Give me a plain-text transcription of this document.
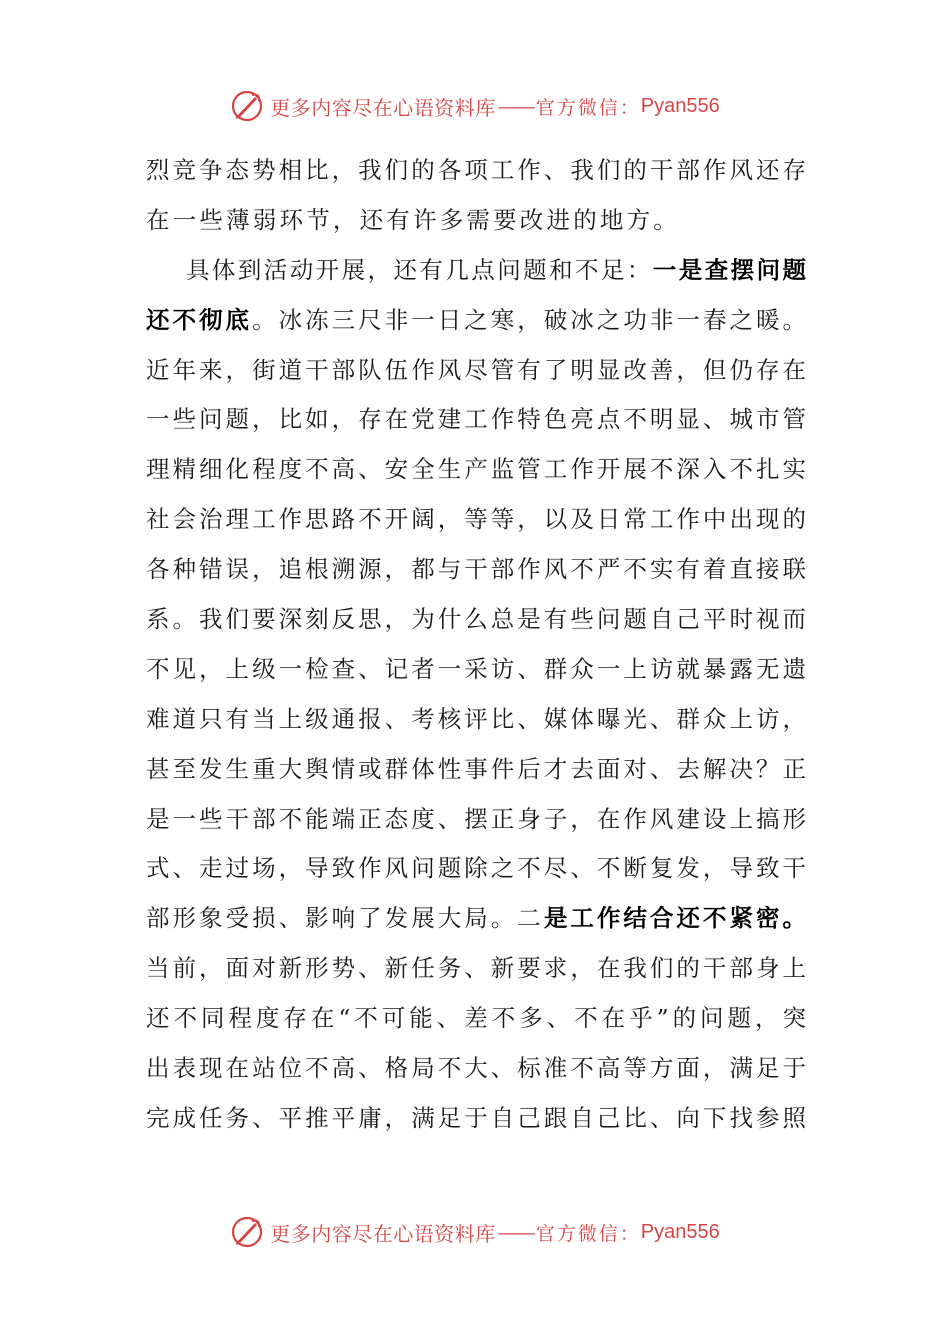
更多内容尽在心语资料库 —— 官方微信： Pyan556
烈竞争态势相比，我们的各项工作、我们的干部作风还存
在一些薄弱环节，还有许多需要改进的地方。
具体到活动开展，还有几点问题和不足：一是查摆问题
还不彻底。冰冻三尺非一日之寒，破冰之功非一春之暖。
近年来，街道干部队伍作风尽管有了明显改善，但仍存在
一些问题，比如，存在党建工作特色亮点不明显、城市管
理精细化程度不高、安全生产监管工作开展不深入不扎实
社会治理工作思路不开阔，等等，以及日常工作中出现的
各种错误，追根溯源，都与干部作风不严不实有着直接联
系。我们要深刻反思，为什么总是有些问题自己平时视而
不见，上级一检查、记者一采访、群众一上访就暴露无遗
难道只有当上级通报、考核评比、媒体曝光、群众上访，
甚至发生重大舆情或群体性事件后才去面对、去解决？正
是一些干部不能端正态度、摆正身子，在作风建设上搞形
式、走过场，导致作风问题除之不尽、不断复发，导致干
部形象受损、影响了发展大局。二是工作结合还不紧密。
当前，面对新形势、新任务、新要求，在我们的干部身上
还不同程度存在“不可能、差不多、不在乎”的问题，突
出表现在站位不高、格局不大、标准不高等方面，满足于
完成任务、平推平庸，满足于自己跟自己比、向下找参照
更多内容尽在心语资料库 —— 官方微信： Pyan556
